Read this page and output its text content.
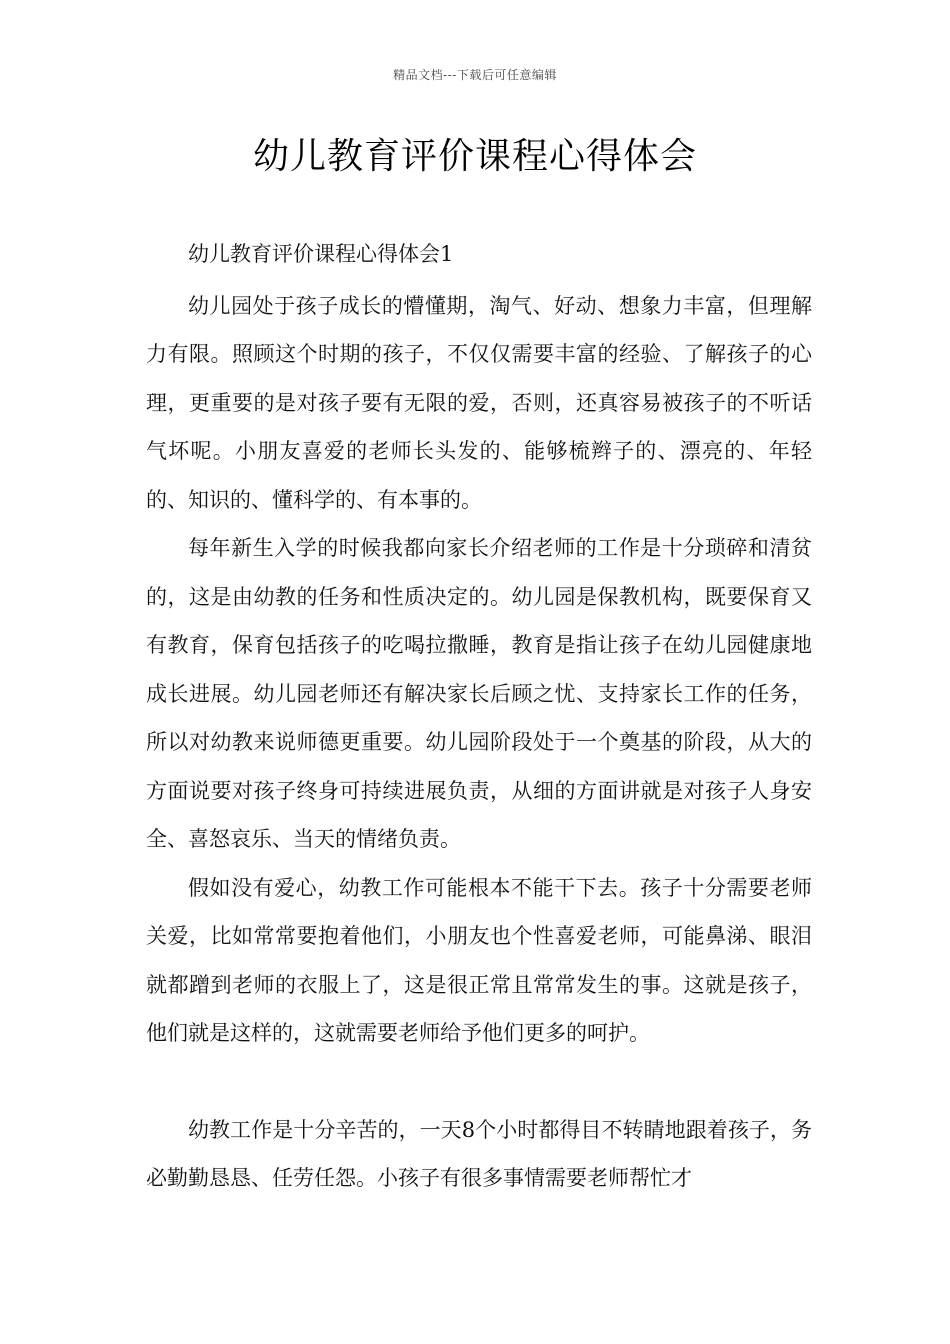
精品文档---下载后可任意编辑
幼儿教育评价课程心得体会

幼儿教育评价课程心得体会1

幼儿园处于孩子成长的懵懂期，淘气、好动、想象力丰富，但理解力有限。照顾这个时期的孩子，不仅仅需要丰富的经验、了解孩子的心理，更重要的是对孩子要有无限的爱，否则，还真容易被孩子的不听话气坏呢。小朋友喜爱的老师长头发的、能够梳辫子的、漂亮的、年轻的、知识的、懂科学的、有本事的。

每年新生入学的时候我都向家长介绍老师的工作是十分琐碎和清贫的，这是由幼教的任务和性质决定的。幼儿园是保教机构，既要保育又有教育，保育包括孩子的吃喝拉撒睡，教育是指让孩子在幼儿园健康地成长进展。幼儿园老师还有解决家长后顾之忧、支持家长工作的任务，所以对幼教来说师德更重要。幼儿园阶段处于一个奠基的阶段，从大的方面说要对孩子终身可持续进展负责，从细的方面讲就是对孩子人身安全、喜怒哀乐、当天的情绪负责。

假如没有爱心，幼教工作可能根本不能干下去。孩子十分需要老师关爱，比如常常要抱着他们，小朋友也个性喜爱老师，可能鼻涕、眼泪就都蹭到老师的衣服上了，这是很正常且常常发生的事。这就是孩子，他们就是这样的，这就需要老师给予他们更多的呵护。

幼教工作是十分辛苦的，一天8个小时都得目不转睛地跟着孩子，务必勤勤恳恳、任劳任怨。小孩子有很多事情需要老师帮忙才
